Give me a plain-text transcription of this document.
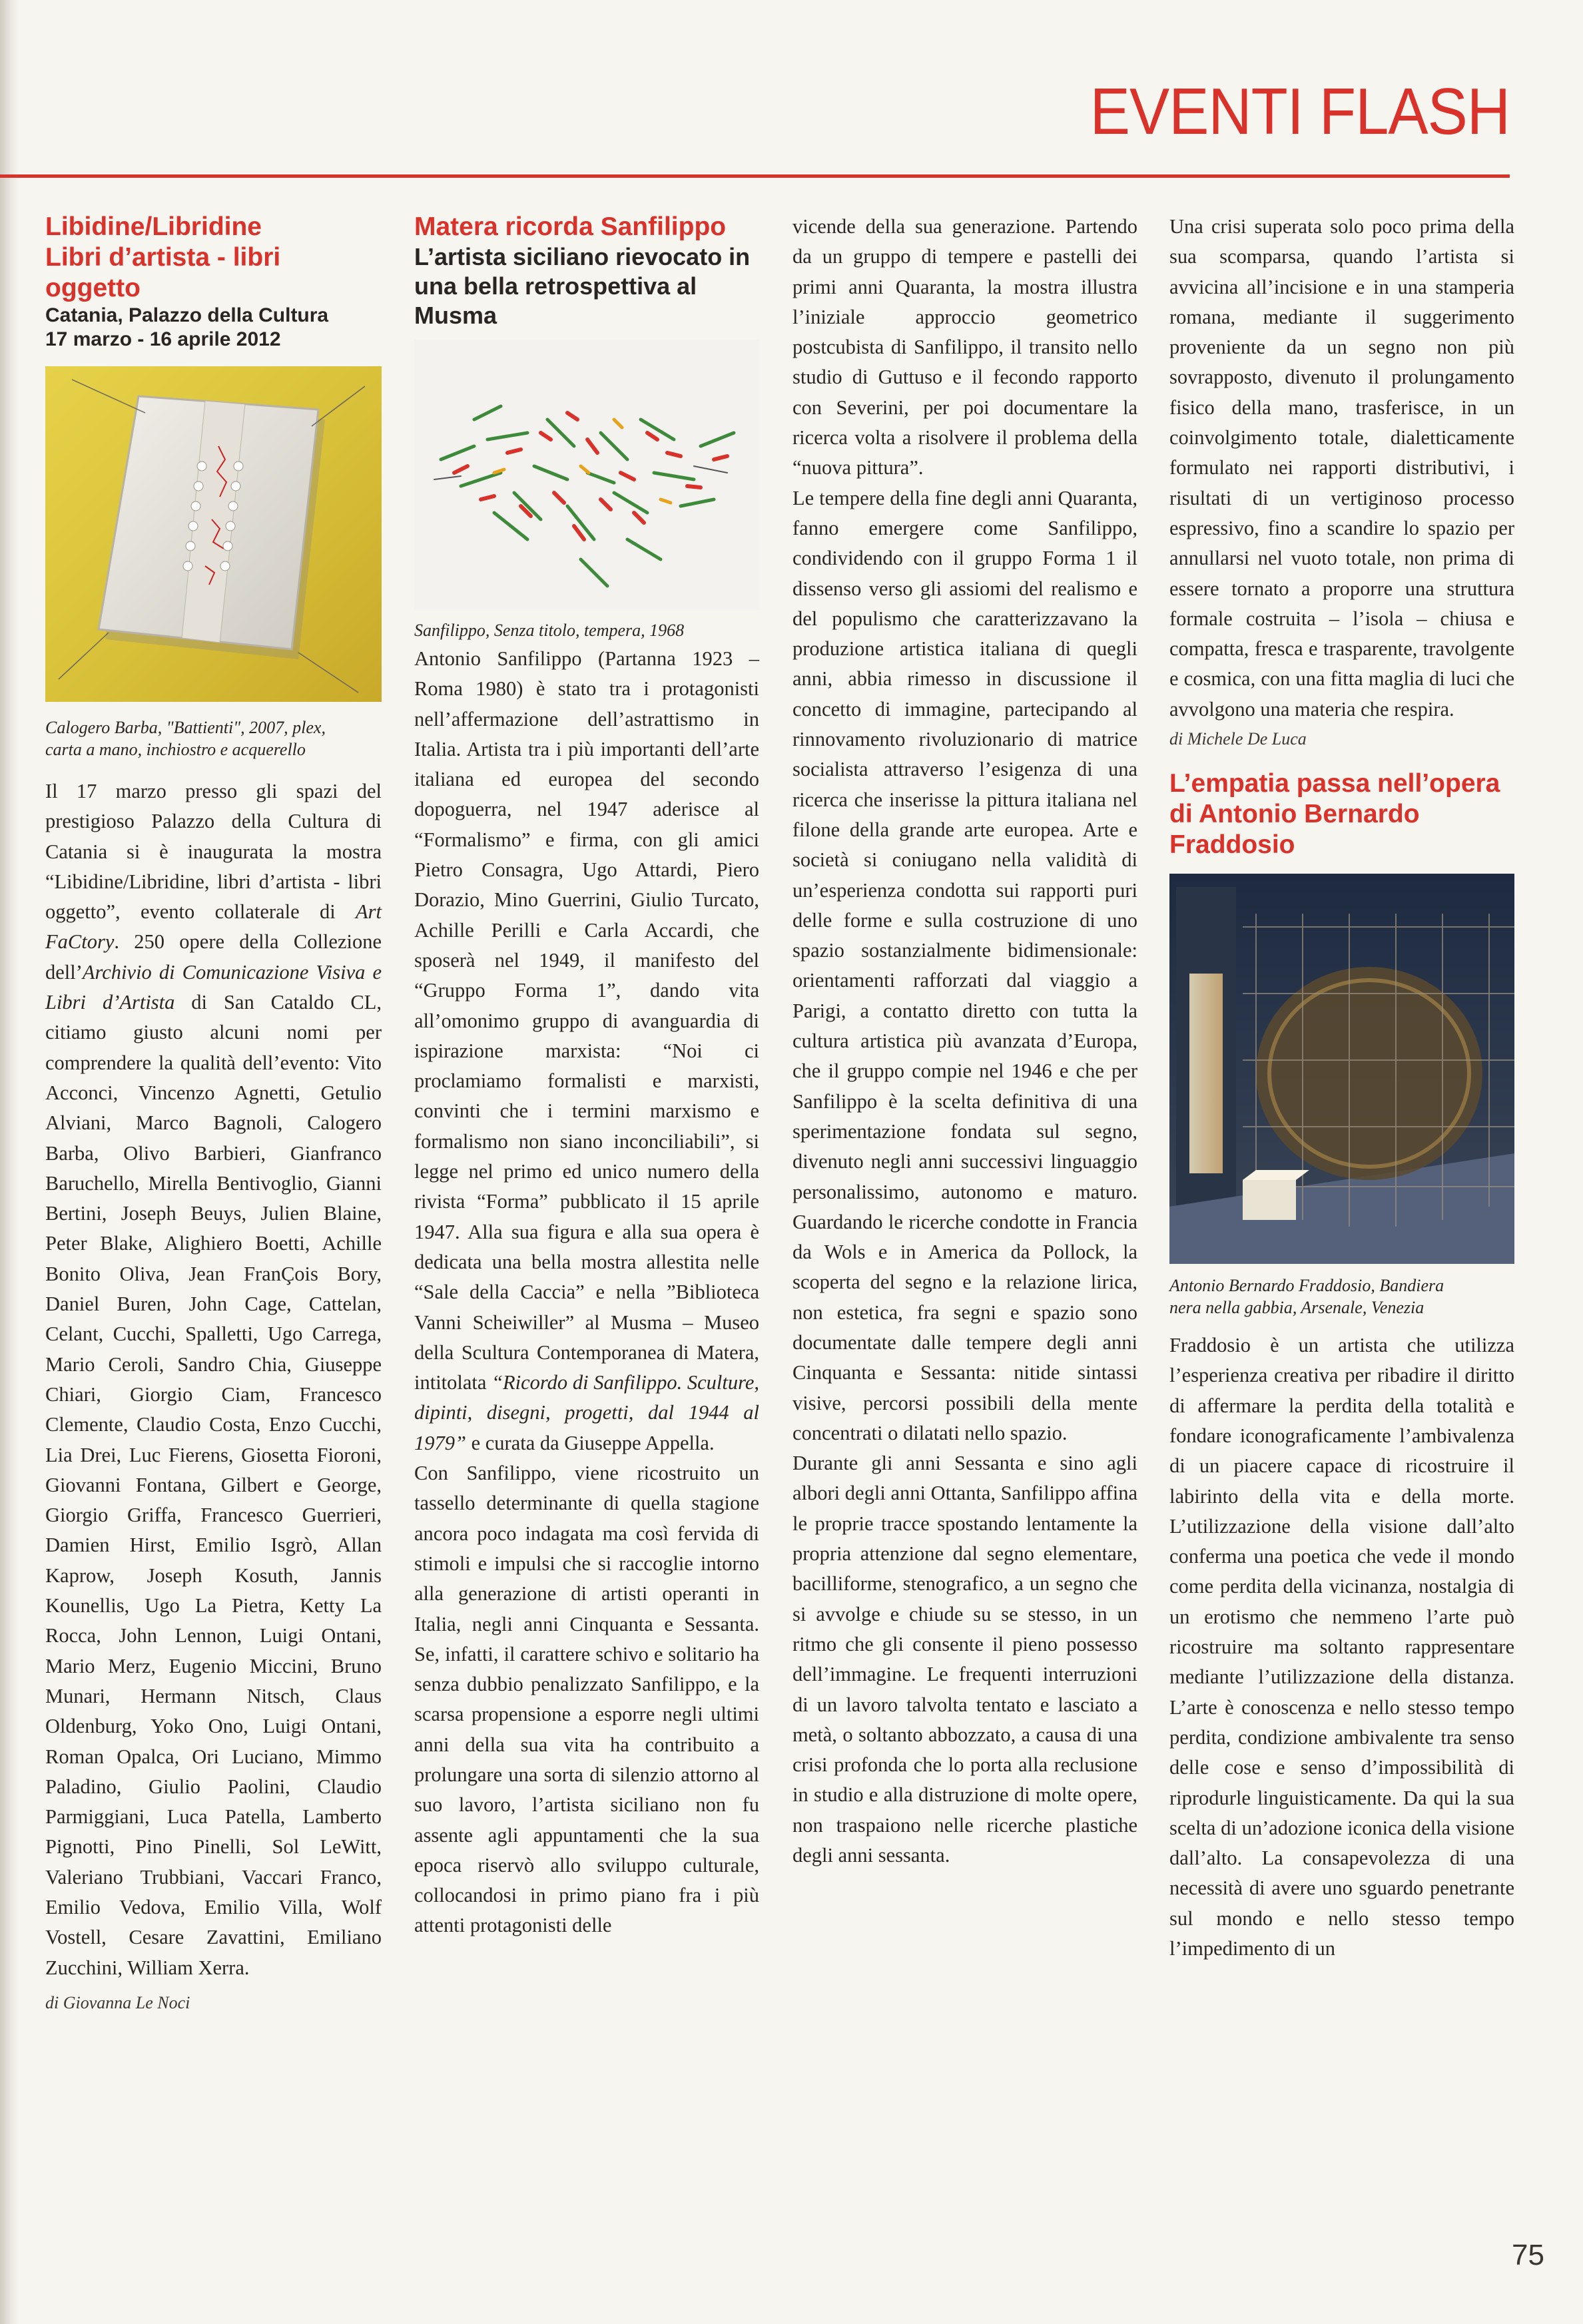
EVENTI FLASH
Libidine/Libridine
Libri d’artista - libri oggetto

Catania, Palazzo della Cultura

17 marzo - 16 aprile 2012

Calogero Barba, "Battienti", 2007, plex,

carta a mano, inchiostro e acquerello

Il 17 marzo presso gli spazi del prestigioso Palazzo della Cultura di Catania si è inaugurata la mostra “Libidine/Libridine, libri d’artista - libri oggetto”, evento collaterale di Art FaCtory. 250 opere della Collezione dell’Archivio di Comunicazione Visiva e Libri d’Artista di San Cataldo CL, citiamo giusto alcuni nomi per comprendere la qualità dell’evento: Vito Acconci, Vincenzo Agnetti, Getulio Alviani, Marco Bagnoli, Calogero Barba, Olivo Barbieri, Gianfranco Baruchello, Mirella Bentivoglio, Gianni Bertini, Joseph Beuys, Julien Blaine, Peter Blake, Alighiero Boetti, Achille Bonito Oliva, Jean FranÇois Bory, Daniel Buren, John Cage, Cattelan, Celant, Cucchi, Spalletti, Ugo Carrega, Mario Ceroli, Sandro Chia, Giuseppe Chiari, Giorgio Ciam, Francesco Clemente, Claudio Costa, Enzo Cucchi, Lia Drei, Luc Fierens, Giosetta Fioroni, Giovanni Fontana, Gilbert e George, Giorgio Griffa, Francesco Guerrieri, Damien Hirst, Emilio Isgrò, Allan Kaprow, Joseph Kosuth, Jannis Kounellis, Ugo La Pietra, Ketty La Rocca, John Lennon, Luigi Ontani, Mario Merz, Eugenio Miccini, Bruno Munari, Hermann Nitsch, Claus Oldenburg, Yoko Ono, Luigi Ontani, Roman Opalca, Ori Luciano, Mimmo Paladino, Giulio Paolini, Claudio Parmiggiani, Luca Patella, Lamberto Pignotti, Pino Pinelli, Sol LeWitt, Valeriano Trubbiani, Vaccari Franco, Emilio Vedova, Emilio Villa, Wolf Vostell, Cesare Zavattini, Emiliano Zucchini, William Xerra.

di Giovanna Le Noci

Matera ricorda Sanfilippo

L’artista siciliano rievocato in una bella retrospettiva al Musma

Sanfilippo, Senza titolo, tempera, 1968

Antonio Sanfilippo (Partanna 1923 – Roma 1980) è stato tra i protagonisti nell’affermazione dell’astrattismo in Italia. Artista tra i più importanti dell’arte italiana ed europea del secondo dopoguerra, nel 1947 aderisce al “Formalismo” e firma, con gli amici Pietro Consagra, Ugo Attardi, Piero Dorazio, Mino Guerrini, Giulio Turcato, Achille Perilli e Carla Accardi, che sposerà nel 1949, il manifesto del “Gruppo Forma 1”, dando vita all’omonimo gruppo di avanguardia di ispirazione marxista: “Noi ci proclamiamo formalisti e marxisti, convinti che i termini marxismo e formalismo non siano inconciliabili”, si legge nel primo ed unico numero della rivista “Forma” pubblicato il 15 aprile 1947. Alla sua figura e alla sua opera è dedicata una bella mostra allestita nelle “Sale della Caccia” e nella ”Biblioteca Vanni Scheiwiller” al Musma – Museo della Scultura Contemporanea di Matera, intitolata “Ricordo di Sanfilippo. Sculture, dipinti, disegni, progetti, dal 1944 al 1979” e curata da Giuseppe Appella.

Con Sanfilippo, viene ricostruito un tassello determinante di quella stagione ancora poco indagata ma così fervida di stimoli e impulsi che si raccoglie intorno alla generazione di artisti operanti in Italia, negli anni Cinquanta e Sessanta. Se, infatti, il carattere schivo e solitario ha senza dubbio penalizzato Sanfilippo, e la scarsa propensione a esporre negli ultimi anni della sua vita ha contribuito a prolungare una sorta di silenzio attorno al suo lavoro, l’artista siciliano non fu assente agli appuntamenti che la sua epoca riservò allo sviluppo culturale, collocandosi in primo piano fra i più attenti protagonisti delle

vicende della sua generazione. Partendo da un gruppo di tempere e pastelli dei primi anni Quaranta, la mostra illustra l’iniziale approccio geometrico postcubista di Sanfilippo, il transito nello studio di Guttuso e il fecondo rapporto con Severini, per poi documentare la ricerca volta a risolvere il problema della “nuova pittura”.

Le tempere della fine degli anni Quaranta, fanno emergere come Sanfilippo, condividendo con il gruppo Forma 1 il dissenso verso gli assiomi del realismo e del populismo che caratterizzavano la produzione artistica italiana di quegli anni, abbia rimesso in discussione il concetto di immagine, partecipando al rinnovamento rivoluzionario di matrice socialista attraverso l’esigenza di una ricerca che inserisse la pittura italiana nel filone della grande arte europea. Arte e società si coniugano nella validità di un’esperienza condotta sui rapporti puri delle forme e sulla costruzione di uno spazio sostanzialmente bidimensionale: orientamenti rafforzati dal viaggio a Parigi, a contatto diretto con tutta la cultura artistica più avanzata d’Europa, che il gruppo compie nel 1946 e che per Sanfilippo è la scelta definitiva di una sperimentazione fondata sul segno, divenuto negli anni successivi linguaggio personalissimo, autonomo e maturo. Guardando le ricerche condotte in Francia da Wols e in America da Pollock, la scoperta del segno e la relazione lirica, non estetica, fra segni e spazio sono documentate dalle tempere degli anni Cinquanta e Sessanta: nitide sintassi visive, percorsi possibili della mente concentrati o dilatati nello spazio.

Durante gli anni Sessanta e sino agli albori degli anni Ottanta, Sanfilippo affina le proprie tracce spostando lentamente la propria attenzione dal segno elementare, bacilliforme, stenografico, a un segno che si avvolge e chiude su se stesso, in un ritmo che gli consente il pieno possesso dell’immagine. Le frequenti interruzioni di un lavoro talvolta tentato e lasciato a metà, o soltanto abbozzato, a causa di una crisi profonda che lo porta alla reclusione in studio e alla distruzione di molte opere, non traspaiono nelle ricerche plastiche degli anni sessanta.

Una crisi superata solo poco prima della sua scomparsa, quando l’artista si avvicina all’incisione e in una stamperia romana, mediante il suggerimento proveniente da un segno non più sovrapposto, divenuto il prolungamento fisico della mano, trasferisce, in un coinvolgimento totale, dialetticamente formulato nei rapporti distributivi, i risultati di un vertiginoso processo espressivo, fino a scandire lo spazio per annullarsi nel vuoto totale, non prima di essere tornato a proporre una struttura formale costruita – l’isola – chiusa e compatta, fresca e trasparente, travolgente e cosmica, con una fitta maglia di luci che avvolgono una materia che respira.

di Michele De Luca

L’empatia passa nell’opera di Antonio Bernardo Fraddosio

Antonio Bernardo Fraddosio, Bandiera

nera nella gabbia, Arsenale, Venezia

Fraddosio è un artista che utilizza l’esperienza creativa per ribadire il diritto di affermare la perdita della totalità e fondare iconograficamente l’ambivalenza di un piacere capace di ricostruire il labirinto della vita e della morte. L’utilizzazione della visione dall’alto conferma una poetica che vede il mondo come perdita della vicinanza, nostalgia di un erotismo che nemmeno l’arte può ricostruire ma soltanto rappresentare mediante l’utilizzazione della distanza. L’arte è conoscenza e nello stesso tempo perdita, condizione ambivalente tra senso delle cose e senso d’impossibilità di riprodurle linguisticamente. Da qui la sua scelta di un’adozione iconica della visione dall’alto. La consapevolezza di una necessità di avere uno sguardo penetrante sul mondo e nello stesso tempo l’impedimento di un

75
